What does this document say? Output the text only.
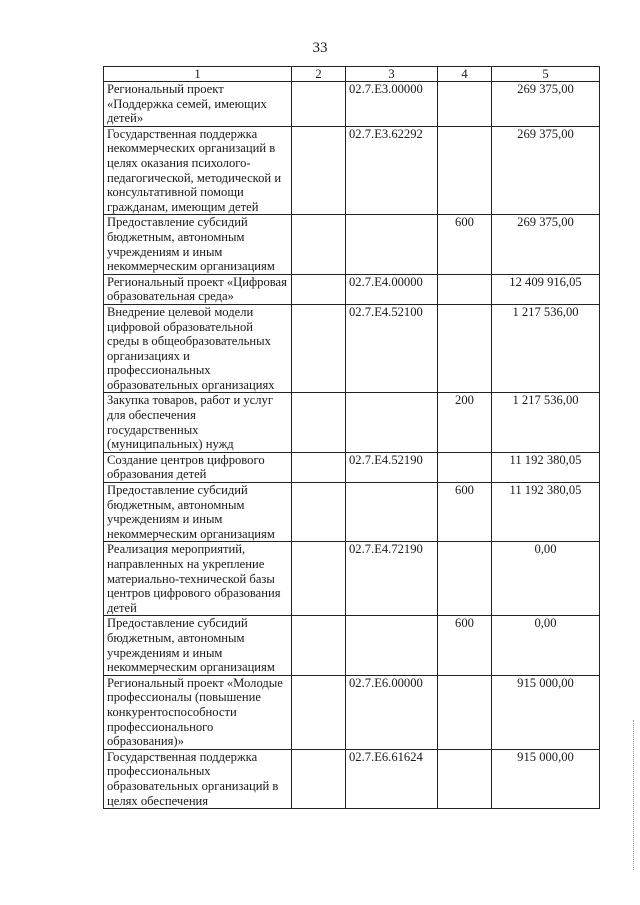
33
1	2	3	4	5
Региональный проект «Поддержка семей, имеющих детей»		02.7.Е3.00000		269 375,00
Государственная поддержка некоммерческих организаций в целях оказания психолого-педагогической, методической и консультативной помощи гражданам, имеющим детей		02.7.Е3.62292		269 375,00
Предоставление субсидий бюджетным, автономным учреждениям и иным некоммерческим организациям			600	269 375,00
Региональный проект «Цифровая образовательная среда»		02.7.Е4.00000		12 409 916,05
Внедрение целевой модели цифровой образовательной среды в общеобразовательных организациях и профессиональных образовательных организациях		02.7.Е4.52100		1 217 536,00
Закупка товаров, работ и услуг для обеспечения государственных (муниципальных) нужд			200	1 217 536,00
Создание центров цифрового образования детей		02.7.Е4.52190		11 192 380,05
Предоставление субсидий бюджетным, автономным учреждениям и иным некоммерческим организациям			600	11 192 380,05
Реализация мероприятий, направленных на укрепление материально-технической базы центров цифрового образования детей		02.7.Е4.72190		0,00
Предоставление субсидий бюджетным, автономным учреждениям и иным некоммерческим организациям			600	0,00
Региональный проект «Молодые профессионалы (повышение конкурентоспособности профессионального образования)»		02.7.Е6.00000		915 000,00
Государственная поддержка профессиональных образовательных организаций в целях обеспечения		02.7.Е6.61624		915 000,00
